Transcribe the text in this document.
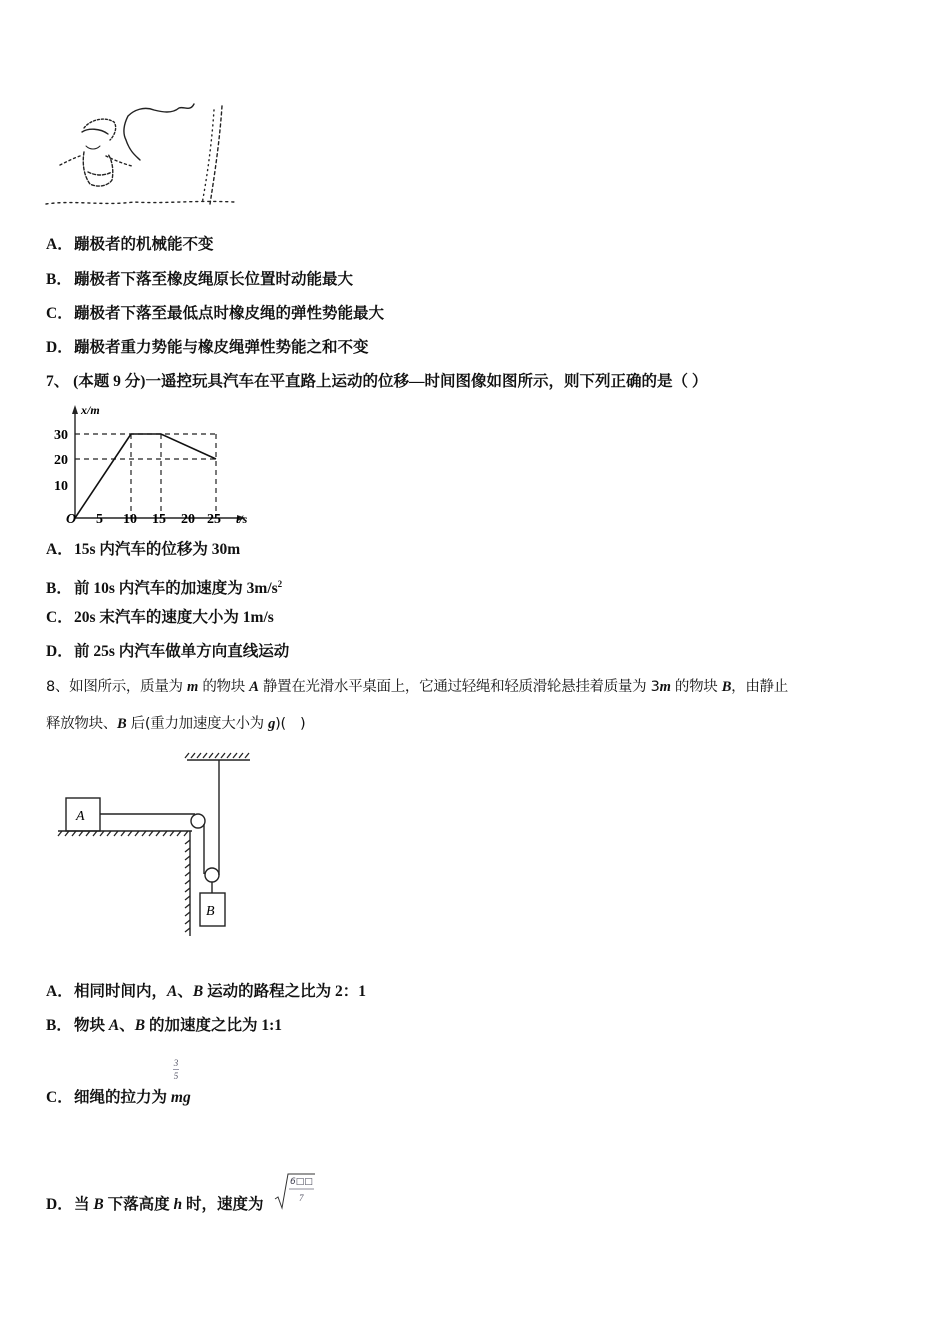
A．蹦极者的机械能不变
B． 蹦极者下落至橡皮绳原长位置时动能最大
C．蹦极者下落至最低点时橡皮绳的弹性势能最大
D．蹦极者重力势能与橡皮绳弹性势能之和不变
7、 (本题 9 分)一遥控玩具汽车在平直路上运动的位移—时间图像如图所示，则下列正确的是（ ）
x/m
30
20
10
O 5 10 15 20 25 t/s
A．15s 内汽车的位移为 30m
B． 前 10s 内汽车的加速度为 $3m/s^2$
C．20s 末汽车的速度大小为 1m/s
D．前 25s 内汽车做单方向直线运动
8、如图所示，质量为 m 的物块 A 静置在光滑水平桌面上，它通过轻绳和轻质滑轮悬挂着质量为 3m 的物块 B，由静止
释放物块、B 后(重力加速度大小为 g)(　)
A
B
A．相同时间内，A、B 运动的路程之比为 2：1
B． 物块 A、B 的加速度之比为 1:1
3
5
C．细绳的拉力为 mg
D．当 B 下落高度 h 时，速度为
6□□
7
